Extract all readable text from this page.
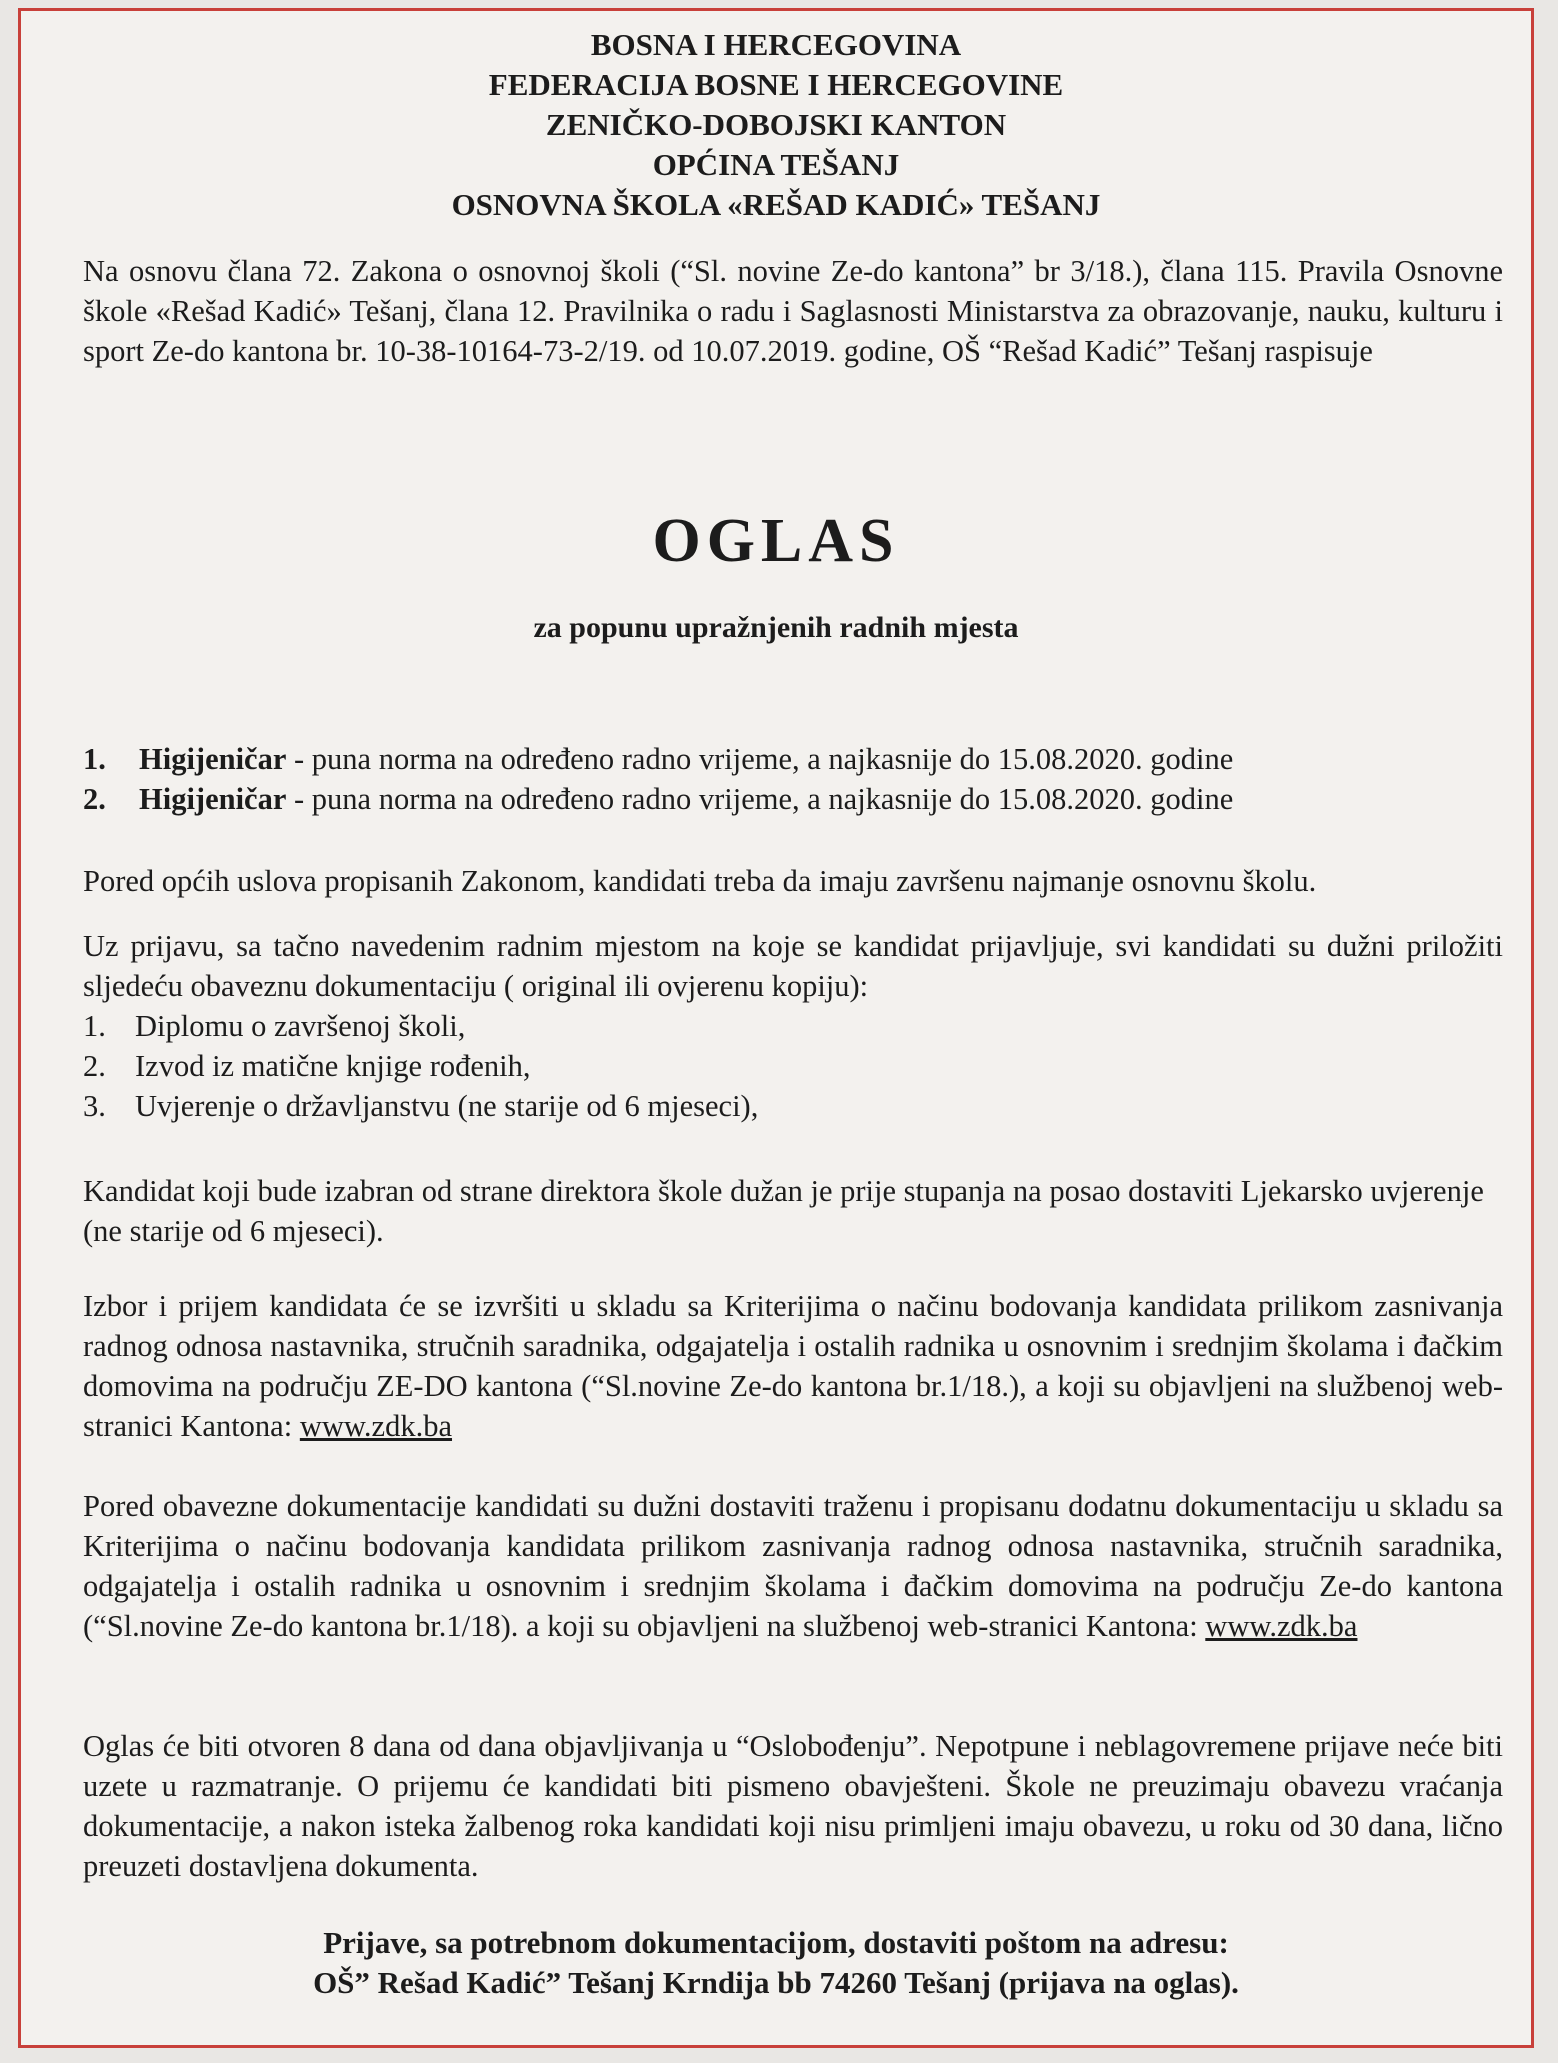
BOSNA I HERCEGOVINA
FEDERACIJA BOSNE I HERCEGOVINE
ZENIČKO-DOBOJSKI KANTON
OPĆINA TEŠANJ
OSNOVNA ŠKOLA «REŠAD KADIĆ» TEŠANJ
Na osnovu člana 72. Zakona o osnovnoj školi (“Sl. novine Ze-do kantona” br 3/18.), člana 115. Pravila Osnovne škole «Rešad Kadić» Tešanj, člana 12. Pravilnika o radu i Saglasnosti Ministarstva za obrazovanje, nauku, kulturu i sport Ze-do kantona br. 10-38-10164-73-2/19. od 10.07.2019. godine, OŠ “Rešad Kadić” Tešanj raspisuje
OGLAS
za popunu upražnjenih radnih mjesta
1. Higijeničar - puna norma na određeno radno vrijeme, a najkasnije do 15.08.2020. godine
2. Higijeničar - puna norma na određeno radno vrijeme, a najkasnije do 15.08.2020. godine
Pored općih uslova propisanih Zakonom, kandidati treba da imaju završenu najmanje osnovnu školu.
Uz prijavu, sa tačno navedenim radnim mjestom na koje se kandidat prijavljuje, svi kandidati su dužni priložiti sljedeću obaveznu dokumentaciju ( original ili ovjerenu kopiju):
1. Diplomu o završenoj školi,
2. Izvod iz matične knjige rođenih,
3. Uvjerenje o državljanstvu (ne starije od 6 mjeseci),
Kandidat koji bude izabran od strane direktora škole dužan je prije stupanja na posao dostaviti Ljekarsko uvjerenje (ne starije od 6 mjeseci).
Izbor i prijem kandidata će se izvršiti u skladu sa Kriterijima o načinu bodovanja kandidata prilikom zasnivanja radnog odnosa nastavnika, stručnih saradnika, odgajatelja i ostalih radnika u osnovnim i srednjim školama i đačkim domovima na području ZE-DO kantona (“Sl.novine Ze-do kantona br.1/18.), a koji su objavljeni na službenoj web-stranici Kantona: www.zdk.ba
Pored obavezne dokumentacije kandidati su dužni dostaviti traženu i propisanu dodatnu dokumentaciju u skladu sa Kriterijima o načinu bodovanja kandidata prilikom zasnivanja radnog odnosa nastavnika, stručnih saradnika, odgajatelja i ostalih radnika u osnovnim i srednjim školama i đačkim domovima na području Ze-do kantona (“Sl.novine Ze-do kantona br.1/18). a koji su objavljeni na službenoj web-stranici Kantona: www.zdk.ba
Oglas će biti otvoren 8 dana od dana objavljivanja u “Oslobođenju”. Nepotpune i neblagovremene prijave neće biti uzete u razmatranje. O prijemu će kandidati biti pismeno obavješteni. Škole ne preuzimaju obavezu vraćanja dokumentacije, a nakon isteka žalbenog roka kandidati koji nisu primljeni imaju obavezu, u roku od 30 dana, lično preuzeti dostavljena dokumenta.
Prijave, sa potrebnom dokumentacijom, dostaviti poštom na adresu:
OŠ” Rešad Kadić” Tešanj Krndija bb 74260 Tešanj (prijava na oglas).
